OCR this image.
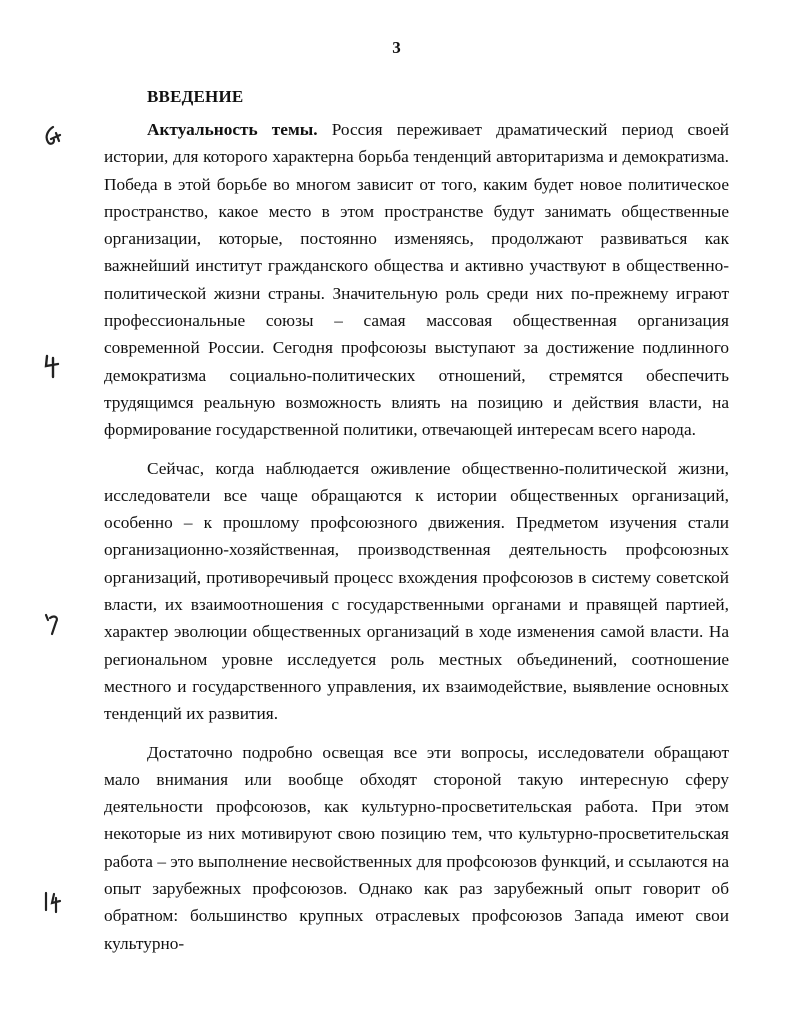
3
ВВЕДЕНИЕ

Актуальность темы. Россия переживает драматический период своей истории, для которого характерна борьба тенденций авторитаризма и демократизма. Победа в этой борьбе во многом зависит от того, каким будет новое политическое пространство, какое место в этом пространстве будут занимать общественные организации, которые, постоянно изменяясь, продолжают развиваться как важнейший институт гражданского общества и активно участвуют в общественно-политической жизни страны. Значительную роль среди них по-прежнему играют профессиональные союзы – самая массовая общественная организация современной России. Сегодня профсоюзы выступают за достижение подлинного демократизма социально-политических отношений, стремятся обеспечить трудящимся реальную возможность влиять на позицию и действия власти, на формирование государственной политики, отвечающей интересам всего народа.

Сейчас, когда наблюдается оживление общественно-политической жизни, исследователи все чаще обращаются к истории общественных организаций, особенно – к прошлому профсоюзного движения. Предметом изучения стали организационно-хозяйственная, производственная деятельность профсоюзных организаций, противоречивый процесс вхождения профсоюзов в систему советской власти, их взаимоотношения с государственными органами и правящей партией, характер эволюции общественных организаций в ходе изменения самой власти. На региональном уровне исследуется роль местных объединений, соотношение местного и государственного управления, их взаимодействие, выявление основных тенденций их развития.

Достаточно подробно освещая все эти вопросы, исследователи обращают мало внимания или вообще обходят стороной такую интересную сферу деятельности профсоюзов, как культурно-просветительская работа. При этом некоторые из них мотивируют свою позицию тем, что культурно-просветительская работа – это выполнение несвойственных для профсоюзов функций, и ссылаются на опыт зарубежных профсоюзов. Однако как раз зарубежный опыт говорит об обратном: большинство крупных отраслевых профсоюзов Запада имеют свои культурно-
